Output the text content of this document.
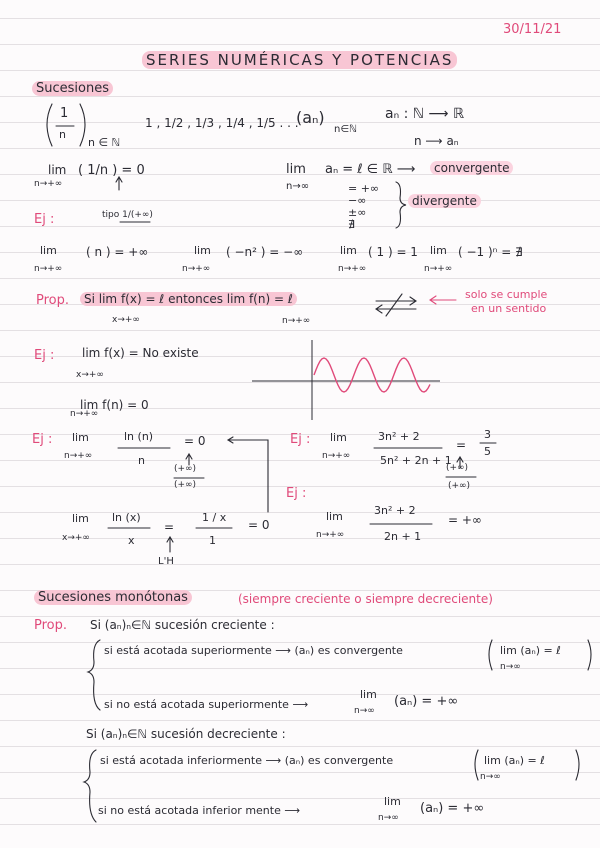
30/11/21
SERIES NUMÉRICAS Y POTENCIAS
Sucesiones
1
n
n ∈ ℕ
1 , 1/2 , 1/3 , 1/4 , 1/5 . . .
(aₙ)
n∈ℕ
aₙ : ℕ ⟶ ℝ
n ⟶ aₙ
lim
n→+∞
( 1/n ) = 0	lim
n→∞
aₙ = ℓ ∈ ℝ ⟶	convergente
= +∞
−∞
±∞
∄
divergente
Ej :	tipo 1/(+∞)
lim
n→+∞
( n ) = +∞	lim
n→+∞
( −n² ) = −∞	lim
n→+∞
( 1 ) = 1 lim
n→+∞
( −1 )ⁿ = ∄
Prop.	Si lim f(x) = ℓ entonces lim f(n) = ℓ
x→+∞	n→+∞
solo se cumple
en un sentido
Ej : lim f(x) = No existe
x→+∞
lim f(n) = 0
n→+∞
Ej : lim
n→+∞
ln (n)
n
= 0
(+∞)
(+∞)
lim
x→+∞
ln (x)
x
=
1 / x
1
= 0
L'H
Ej : lim
n→+∞
3n² + 2
5n² + 2n + 1
=
3
5
(+∞)
(+∞)
Ej :
lim
n→+∞
3n² + 2
2n + 1
= +∞
Sucesiones monótonas	(siempre creciente o siempre decreciente)
Prop. Si (aₙ)ₙ∈ℕ sucesión creciente :
si está acotada superiormente ⟶ (aₙ) es convergente	lim (aₙ) = ℓ
n→∞
si no está acotada superiormente ⟶
lim
n→∞
(aₙ) = +∞
Si (aₙ)ₙ∈ℕ sucesión decreciente :
si está acotada inferiormente ⟶ (aₙ) es convergente	lim (aₙ) = ℓ
n→∞
si no está acotada inferior mente ⟶
lim
n→∞
(aₙ) = +∞
